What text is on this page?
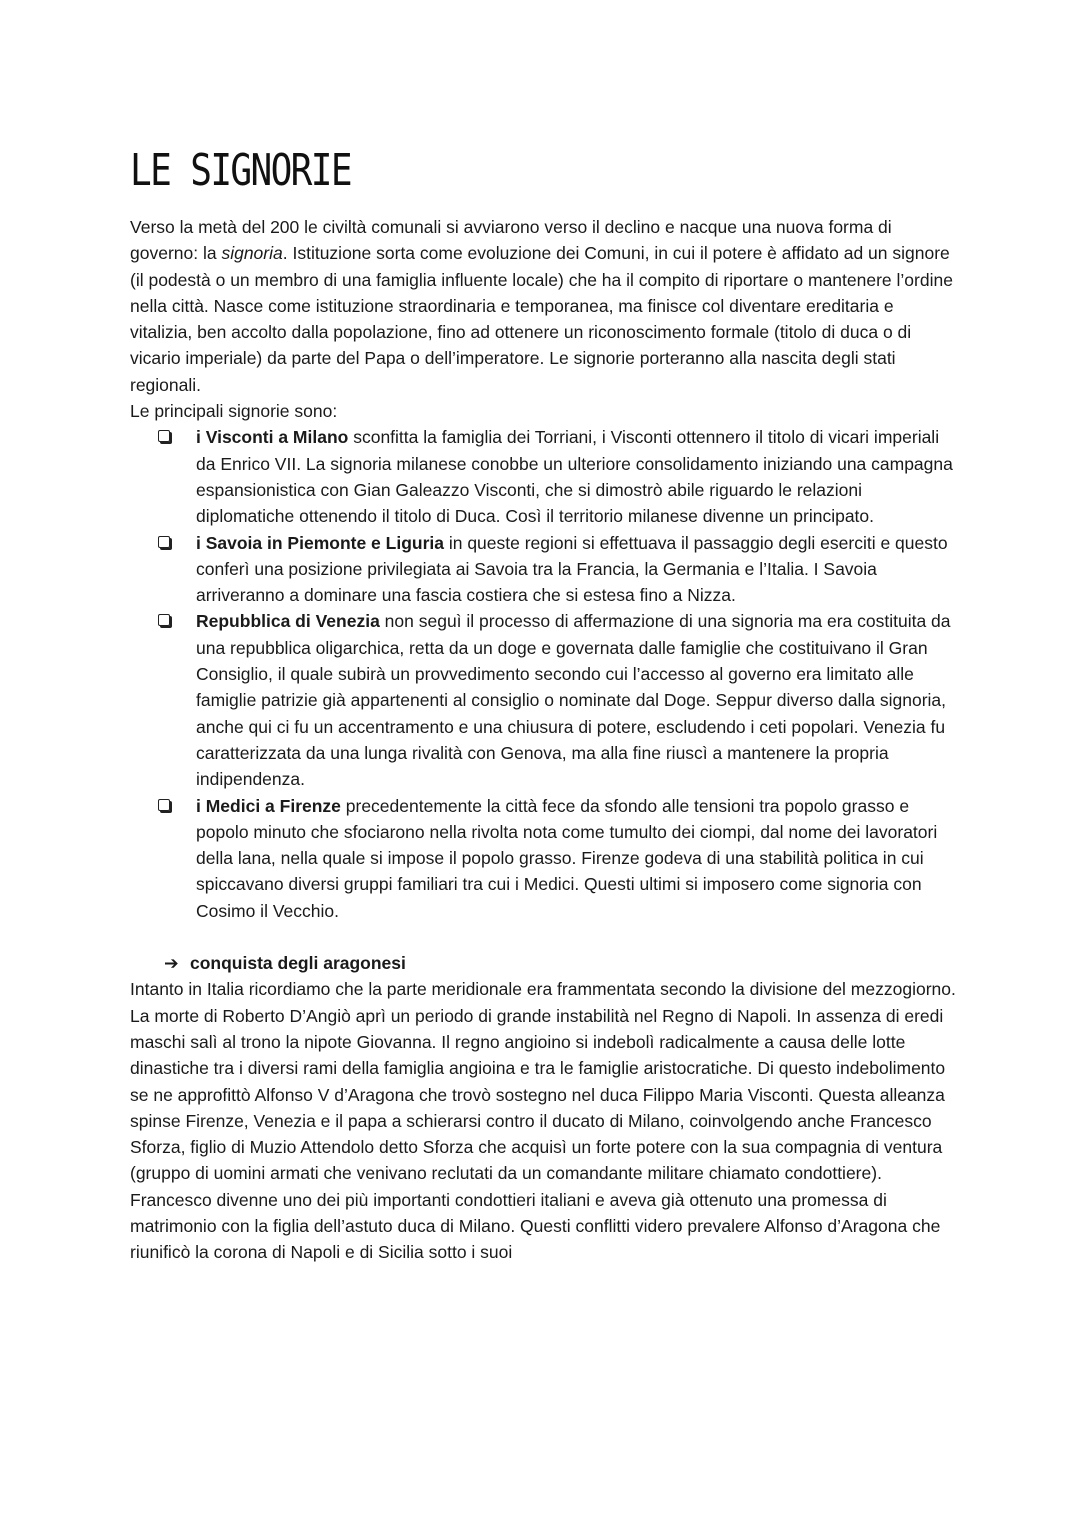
LE SIGNORIE

Verso la metà del 200 le civiltà comunali si avviarono verso il declino e nacque una nuova forma di governo: la signoria. Istituzione sorta come evoluzione dei Comuni, in cui il potere è affidato ad un signore (il podestà o un membro di una famiglia influente locale) che ha il compito di riportare o mantenere l’ordine nella città. Nasce come istituzione straordinaria e temporanea, ma finisce col diventare ereditaria e vitalizia, ben accolto dalla popolazione, fino ad ottenere un riconoscimento formale (titolo di duca o di vicario imperiale) da parte del Papa o dell’imperatore. Le signorie porteranno alla nascita degli stati regionali.

Le principali signorie sono:

i Visconti a Milano sconfitta la famiglia dei Torriani, i Visconti ottennero il titolo di vicari imperiali da Enrico VII. La signoria milanese conobbe un ulteriore consolidamento iniziando una campagna espansionistica con Gian Galeazzo Visconti, che si dimostrò abile riguardo le relazioni diplomatiche ottenendo il titolo di Duca. Così il territorio milanese divenne un principato.
i Savoia in Piemonte e Liguria in queste regioni si effettuava il passaggio degli eserciti e questo conferì una posizione privilegiata ai Savoia tra la Francia, la Germania e l’Italia. I Savoia arriveranno a dominare una fascia costiera che si estesa fino a Nizza.
Repubblica di Venezia non seguì il processo di affermazione di una signoria ma era costituita da una repubblica oligarchica, retta da un doge e governata dalle famiglie che costituivano il Gran Consiglio, il quale subirà un provvedimento secondo cui l’accesso al governo era limitato alle famiglie patrizie già appartenenti al consiglio o nominate dal Doge. Seppur diverso dalla signoria, anche qui ci fu un accentramento e una chiusura di potere, escludendo i ceti popolari. Venezia fu caratterizzata da una lunga rivalità con Genova, ma alla fine riuscì a mantenere la propria indipendenza.
i Medici a Firenze precedentemente la città fece da sfondo alle tensioni tra popolo grasso e popolo minuto che sfociarono nella rivolta nota come tumulto dei ciompi, dal nome dei lavoratori della lana, nella quale si impose il popolo grasso. Firenze godeva di una stabilità politica in cui spiccavano diversi gruppi familiari tra cui i Medici. Questi ultimi si imposero come signoria con Cosimo il Vecchio.
➔ conquista degli aragonesi

Intanto in Italia ricordiamo che la parte meridionale era frammentata secondo la divisione del mezzogiorno. La morte di Roberto D’Angiò aprì un periodo di grande instabilità nel Regno di Napoli. In assenza di eredi maschi salì al trono la nipote Giovanna. Il regno angioino si indebolì radicalmente a causa delle lotte dinastiche tra i diversi rami della famiglia angioina e tra le famiglie aristocratiche. Di questo indebolimento se ne approfittò Alfonso V d’Aragona che trovò sostegno nel duca Filippo Maria Visconti. Questa alleanza spinse Firenze, Venezia e il papa a schierarsi contro il ducato di Milano, coinvolgendo anche Francesco Sforza, figlio di Muzio Attendolo detto Sforza che acquisì un forte potere con la sua compagnia di ventura (gruppo di uomini armati che venivano reclutati da un comandante militare chiamato condottiere). Francesco divenne uno dei più importanti condottieri italiani e aveva già ottenuto una promessa di matrimonio con la figlia dell’astuto duca di Milano. Questi conflitti videro prevalere Alfonso d’Aragona che riunificò la corona di Napoli e di Sicilia sotto i suoi
